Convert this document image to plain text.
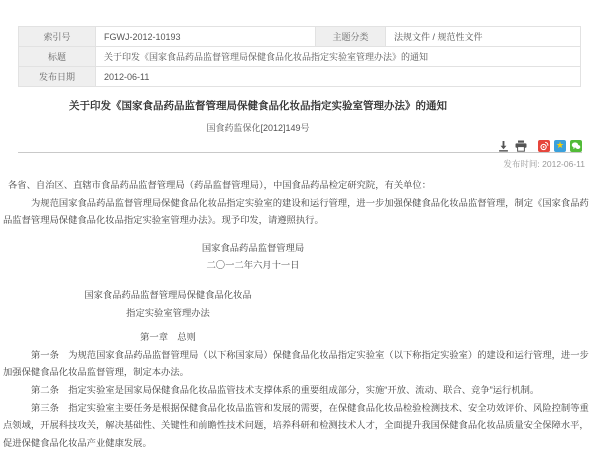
索引号	FGWJ-2012-10193	主题分类	法规文件 / 规范性文件
标题	关于印发《国家食品药品监督管理局保健食品化妆品指定实验室管理办法》的通知		
发布日期	2012-06-11		
关于印发《国家食品药品监督管理局保健食品化妆品指定实验室管理办法》的通知
国食药监保化[2012]149号
★
发布时间: 2012-06-11

各省、自治区、直辖市食品药品监督管理局（药品监督管理局），中国食品药品检定研究院，有关单位：

为规范国家食品药品监督管理局保健食品化妆品指定实验室的建设和运行管理，进一步加强保健食品化妆品监督管理，制定《国家食品药品监督管理局保健食品化妆品指定实验室管理办法》。现予印发，请遵照执行。

国家食品药品监督管理局

二〇一二年六月十一日

国家食品药品监督管理局保健食品化妆品

指定实验室管理办法

第一章　总则

第一条　为规范国家食品药品监督管理局（以下称国家局）保健食品化妆品指定实验室（以下称指定实验室）的建设和运行管理，进一步加强保健食品化妆品监督管理，制定本办法。

第二条　指定实验室是国家局保健食品化妆品监管技术支撑体系的重要组成部分，实施“开放、流动、联合、竞争”运行机制。

第三条　指定实验室主要任务是根据保健食品化妆品监管和发展的需要，在保健食品化妆品检验检测技术、安全功效评价、风险控制等重点领域，开展科技攻关，解决基础性、关键性和前瞻性技术问题，培养科研和检测技术人才，全面提升我国保健食品化妆品质量安全保障水平，促进保健食品化妆品产业健康发展。
